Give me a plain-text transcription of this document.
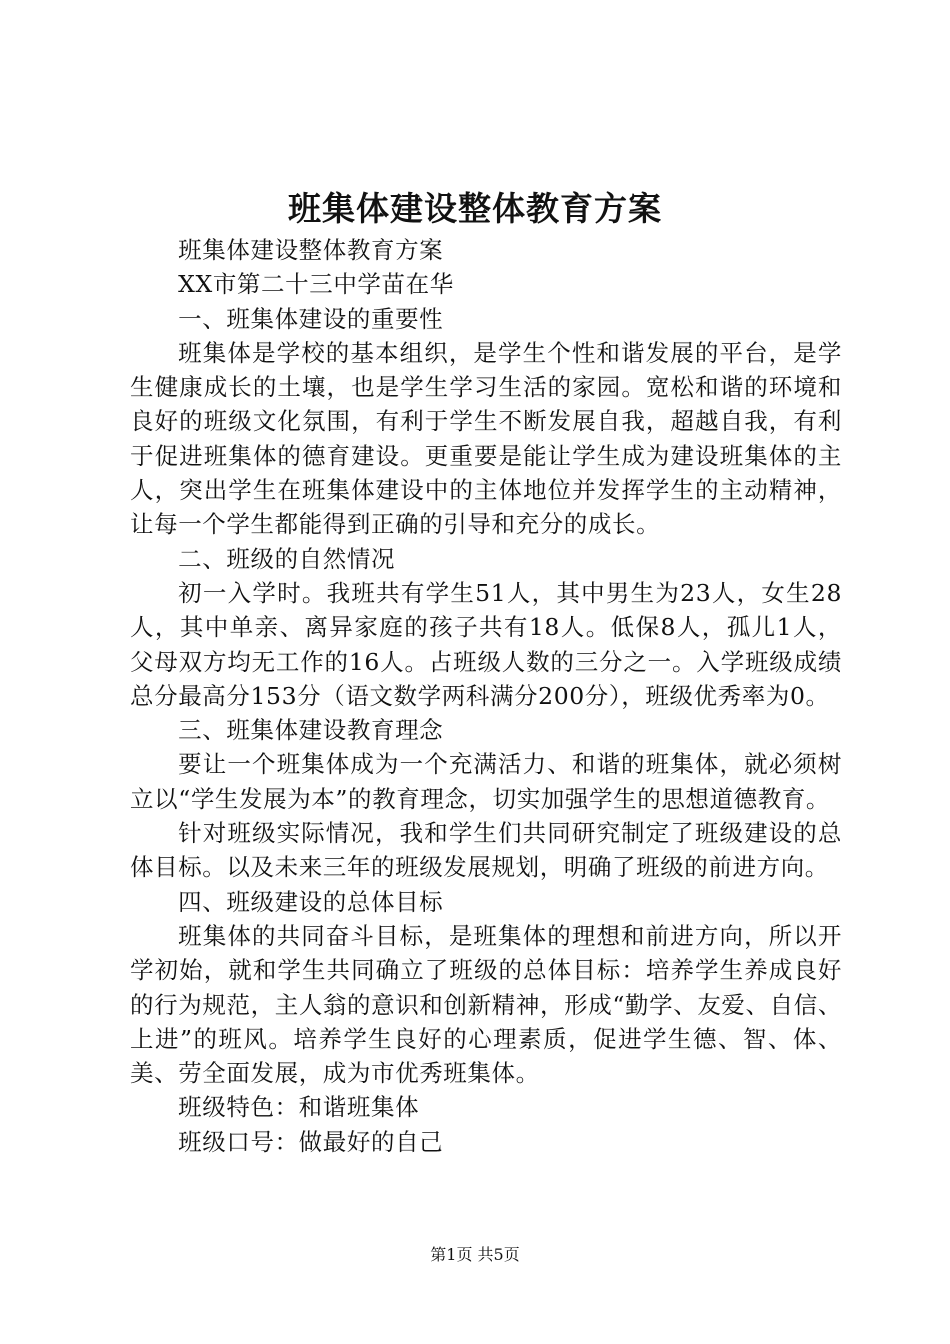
班集体建设整体教育方案

班集体建设整体教育方案

XX市第二十三中学苗在华

一、班集体建设的重要性

班集体是学校的基本组织，是学生个性和谐发展的平台，是学生健康成长的土壤，也是学生学习生活的家园。宽松和谐的环境和良好的班级文化氛围，有利于学生不断发展自我，超越自我，有利于促进班集体的德育建设。更重要是能让学生成为建设班集体的主人，突出学生在班集体建设中的主体地位并发挥学生的主动精神，让每一个学生都能得到正确的引导和充分的成长。

二、班级的自然情况

初一入学时。我班共有学生51人，其中男生为23人，女生28人，其中单亲、离异家庭的孩子共有18人。低保8人，孤儿1人，父母双方均无工作的16人。占班级人数的三分之一。入学班级成绩总分最高分153分（语文数学两科满分200分），班级优秀率为0。

三、班集体建设教育理念

要让一个班集体成为一个充满活力、和谐的班集体，就必须树立以“学生发展为本”的教育理念，切实加强学生的思想道德教育。

针对班级实际情况，我和学生们共同研究制定了班级建设的总体目标。以及未来三年的班级发展规划，明确了班级的前进方向。

四、班级建设的总体目标

班集体的共同奋斗目标，是班集体的理想和前进方向，所以开学初始，就和学生共同确立了班级的总体目标：培养学生养成良好的行为规范，主人翁的意识和创新精神，形成“勤学、友爱、自信、上进”的班风。培养学生良好的心理素质，促进学生德、智、体、美、劳全面发展，成为市优秀班集体。

班级特色：和谐班集体

班级口号：做最好的自己

第1页 共5页
